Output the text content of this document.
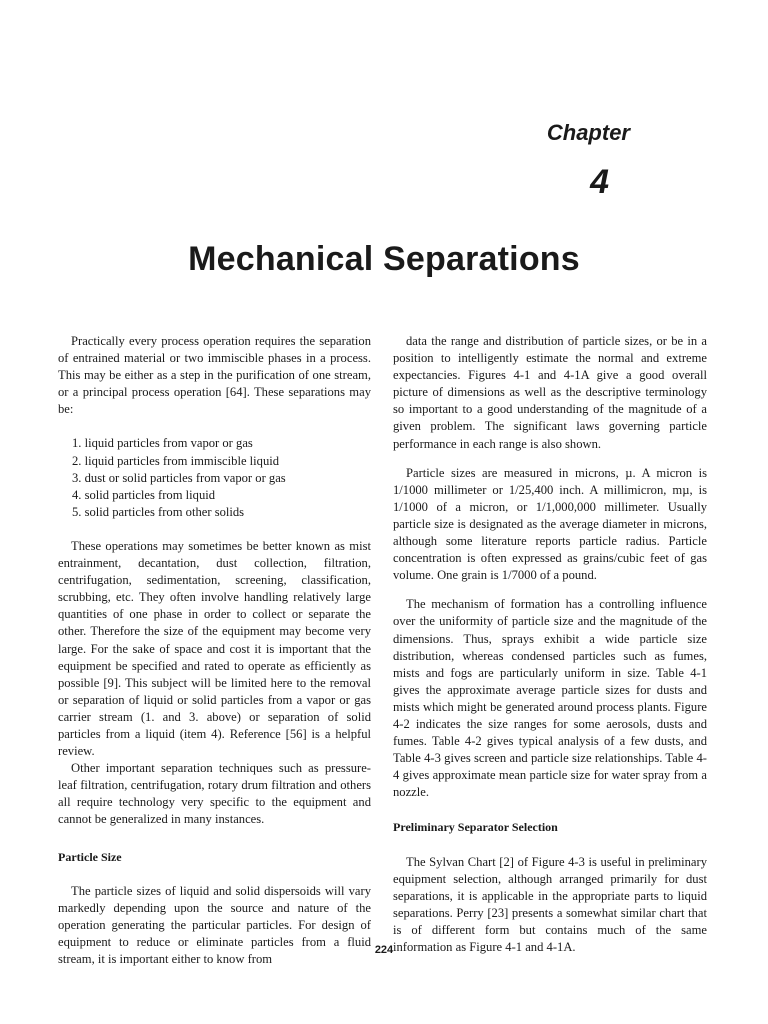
Chapter
4
Mechanical Separations

Practically every process operation requires the separation of entrained material or two immiscible phases in a process. This may be either as a step in the purification of one stream, or a principal process operation [64]. These separations may be:

1. liquid particles from vapor or gas
2. liquid particles from immiscible liquid
3. dust or solid particles from vapor or gas
4. solid particles from liquid
5. solid particles from other solids

These operations may sometimes be better known as mist entrainment, decantation, dust collection, filtration, centrifugation, sedimentation, screening, classification, scrubbing, etc. They often involve handling relatively large quantities of one phase in order to collect or separate the other. Therefore the size of the equipment may become very large. For the sake of space and cost it is important that the equipment be specified and rated to operate as efficiently as possible [9]. This subject will be limited here to the removal or separation of liquid or solid particles from a vapor or gas carrier stream (1. and 3. above) or separation of solid particles from a liquid (item 4). Reference [56] is a helpful review.

Other important separation techniques such as pressure-leaf filtration, centrifugation, rotary drum filtration and others all require technology very specific to the equipment and cannot be generalized in many instances.

Particle Size

The particle sizes of liquid and solid dispersoids will vary markedly depending upon the source and nature of the operation generating the particular particles. For design of equipment to reduce or eliminate particles from a fluid stream, it is important either to know from

data the range and distribution of particle sizes, or be in a position to intelligently estimate the normal and extreme expectancies. Figures 4-1 and 4-1A give a good overall picture of dimensions as well as the descriptive terminology so important to a good understanding of the magnitude of a given problem. The significant laws governing particle performance in each range is also shown.

Particle sizes are measured in microns, µ. A micron is 1/1000 millimeter or 1/25,400 inch. A millimicron, mµ, is 1/1000 of a micron, or 1/1,000,000 millimeter. Usually particle size is designated as the average diameter in microns, although some literature reports particle radius. Particle concentration is often expressed as grains/cubic feet of gas volume. One grain is 1/7000 of a pound.

The mechanism of formation has a controlling influence over the uniformity of particle size and the magnitude of the dimensions. Thus, sprays exhibit a wide particle size distribution, whereas condensed particles such as fumes, mists and fogs are particularly uniform in size. Table 4-1 gives the approximate average particle sizes for dusts and mists which might be generated around process plants. Figure 4-2 indicates the size ranges for some aerosols, dusts and fumes. Table 4-2 gives typical analysis of a few dusts, and Table 4-3 gives screen and particle size relationships. Table 4-4 gives approximate mean particle size for water spray from a nozzle.

Preliminary Separator Selection

The Sylvan Chart [2] of Figure 4-3 is useful in preliminary equipment selection, although arranged primarily for dust separations, it is applicable in the appropriate parts to liquid separations. Perry [23] presents a somewhat similar chart that is of different form but contains much of the same information as Figure 4-1 and 4-1A.

224
